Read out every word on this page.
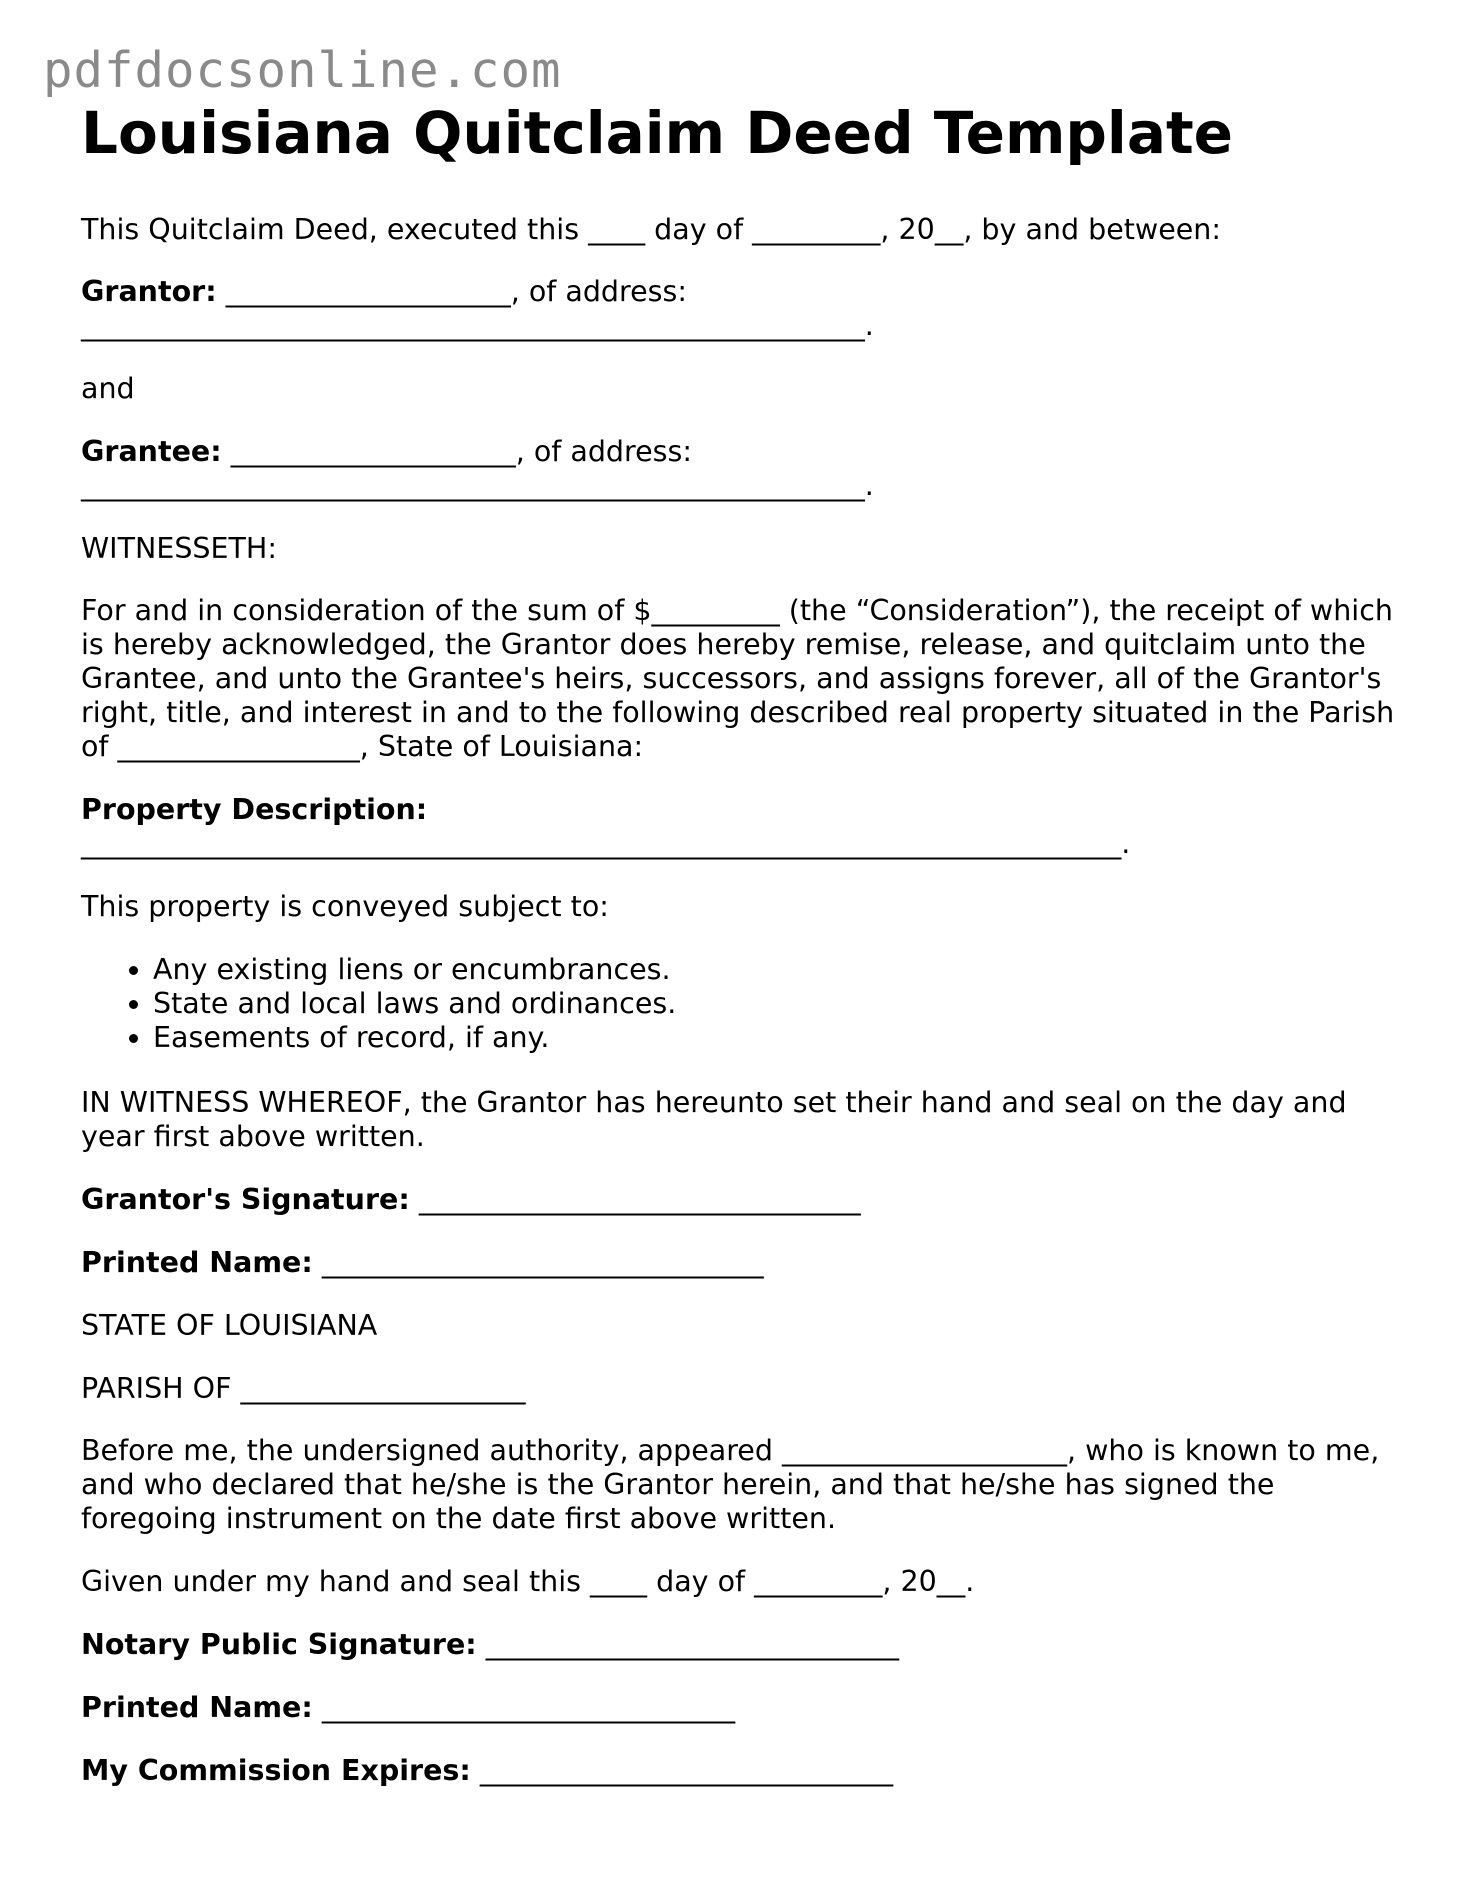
pdfdocsonline.com
Louisiana Quitclaim Deed Template

This Quitclaim Deed, executed this ____ day of _________, 20__, by and between:

Grantor: ____________________, of address:

_______________________________________________________.

and

Grantee: ____________________, of address:

_______________________________________________________.

WITNESSETH:

For and in consideration of the sum of $_________ (the “Consideration”), the receipt of which is hereby acknowledged, the Grantor does hereby remise, release, and quitclaim unto the Grantee, and unto the Grantee's heirs, successors, and assigns forever, all of the Grantor's right, title, and interest in and to the following described real property situated in the Parish of _________________, State of Louisiana:

Property Description:

_________________________________________________________________________.

This property is conveyed subject to:

• Any existing liens or encumbrances.
• State and local laws and ordinances.
• Easements of record, if any.

IN WITNESS WHEREOF, the Grantor has hereunto set their hand and seal on the day and year first above written.

Grantor's Signature: _______________________________

Printed Name: _______________________________

STATE OF LOUISIANA

PARISH OF ____________________

Before me, the undersigned authority, appeared ____________________, who is known to me, and who declared that he/she is the Grantor herein, and that he/she has signed the foregoing instrument on the date first above written.

Given under my hand and seal this ____ day of _________, 20__.

Notary Public Signature: _____________________________

Printed Name: _____________________________

My Commission Expires: _____________________________
